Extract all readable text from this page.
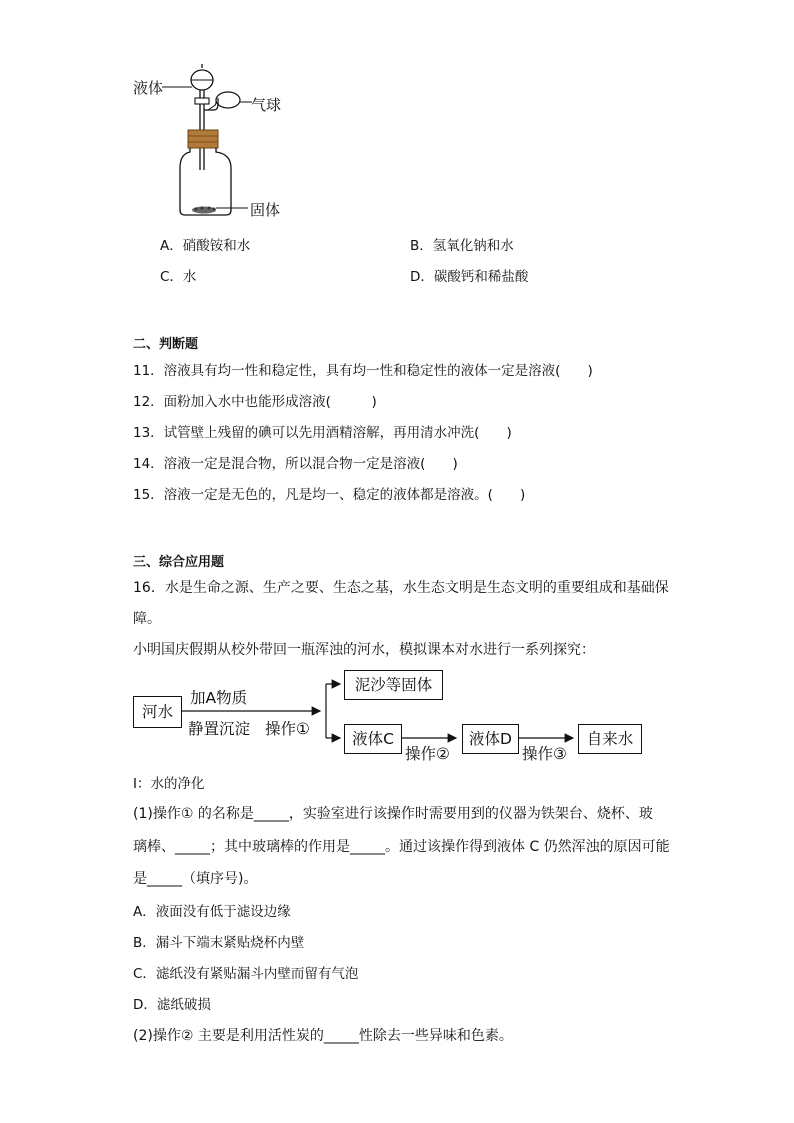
液体
气球
固体
A．硝酸铵和水	B．氢氧化钠和水
C．水	D．碳酸钙和稀盐酸
二、判断题
11．溶液具有均一性和稳定性，具有均一性和稳定性的液体一定是溶液(　　)
12．面粉加入水中也能形成溶液(　　　)
13．试管壁上残留的碘可以先用酒精溶解，再用清水冲洗(　　)
14．溶液一定是混合物，所以混合物一定是溶液(　　)
15．溶液一定是无色的，凡是均一、稳定的液体都是溶液。(　　)
三、综合应用题
16．水是生命之源、生产之要、生态之基，水生态文明是生态文明的重要组成和基础保
障。
小明国庆假期从校外带回一瓶浑浊的河水，模拟课本对水进行一系列探究：
河水
加A物质
静置沉淀 操作①
泥沙等固体
液体C
操作②
液体D
操作③
自来水
Ⅰ：水的净化
(1)操作① 的名称是_____，实验室进行该操作时需要用到的仪器为铁架台、烧杯、玻
璃棒、_____；其中玻璃棒的作用是_____。通过该操作得到液体 C 仍然浑浊的原因可能
是_____（填序号)。
A．液面没有低于滤设边缘
B．漏斗下端末紧贴烧杯内壁
C．滤纸没有紧贴漏斗内壁而留有气泡
D．滤纸破损
(2)操作② 主要是利用活性炭的_____性除去一些异味和色素。
